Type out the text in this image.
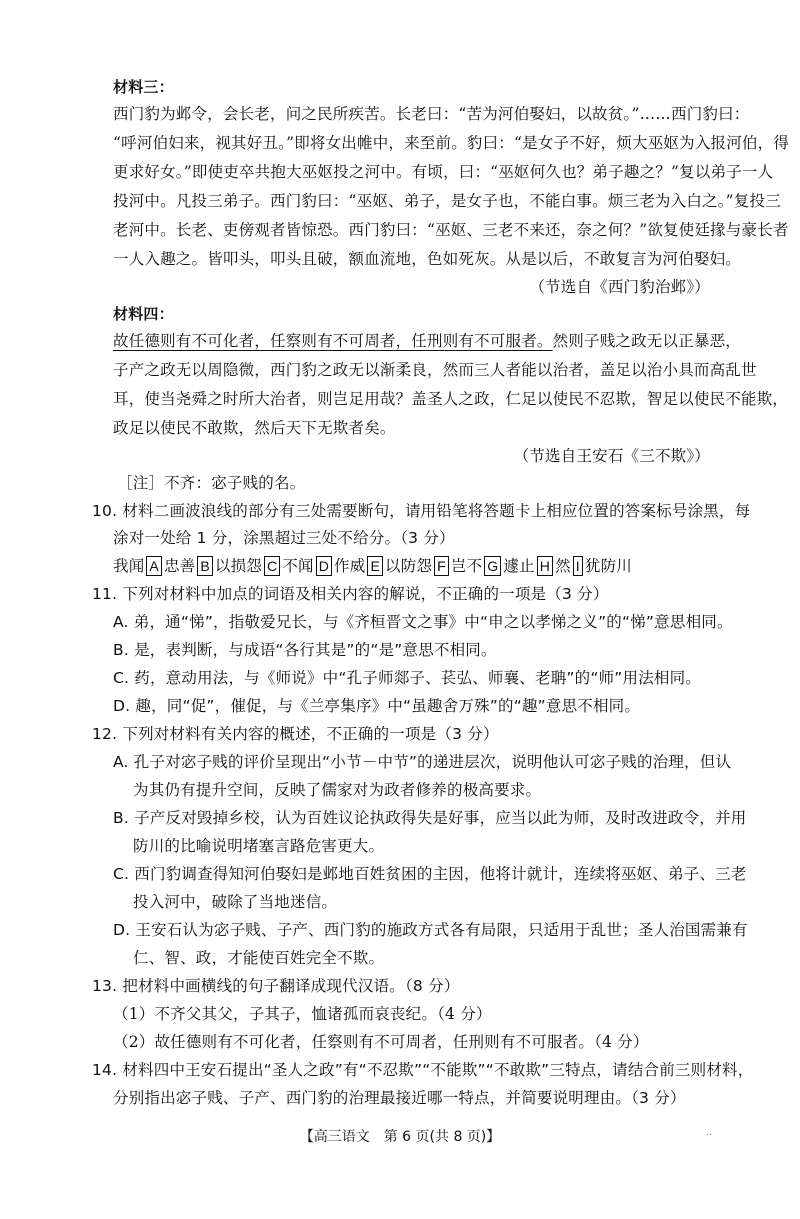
材料三：
西门豹为邺令，会长老，问之民所疾苦。长老曰：“苦为河伯娶妇，以故贫。”……西门豹曰：
“呼河伯妇来，视其好丑。”即将女出帷中，来至前。豹曰：“是女子不好，烦大巫妪为入报河伯，得
更求好女。”即使吏卒共抱大巫妪投之河中。有顷，曰：“巫妪何久也？弟子趣之？”复以弟子一人
投河中。凡投三弟子。西门豹曰：“巫妪、弟子，是女子也，不能白事。烦三老为入白之。”复投三
老河中。长老、吏傍观者皆惊恐。西门豹曰：“巫妪、三老不来还，奈之何？”欲复使廷掾与豪长者
一人入趣之。皆叩头，叩头且破，额血流地，色如死灰。从是以后，不敢复言为河伯娶妇。
（节选自《西门豹治邺》）
材料四：
故任德则有不可化者，任察则有不可周者，任刑则有不可服者。然则子贱之政无以正暴恶，
子产之政无以周隐微，西门豹之政无以渐柔良，然而三人者能以治者，盖足以治小具而高乱世
耳，使当尧舜之时所大治者，则岂足用哉？盖圣人之政，仁足以使民不忍欺，智足以使民不能欺，
政足以使民不敢欺，然后天下无欺者矣。
（节选自王安石《三不欺》）
［注］不齐：宓子贱的名。
10. 材料二画波浪线的部分有三处需要断句，请用铅笔将答题卡上相应位置的答案标号涂黑，每
涂对一处给 1 分，涂黑超过三处不给分。（3 分）
我闻 A 忠善 B 以损怨 C 不闻 D 作威 E 以防怨 F 岂不 G 遽止 H 然 I 犹防川
11. 下列对材料中加点的词语及相关内容的解说，不正确的一项是（3 分）
A. 弟，通“悌”，指敬爱兄长，与《齐桓晋文之事》中“申之以孝悌之义”的“悌”意思相同。
B. 是，表判断，与成语“各行其是”的“是”意思不相同。
C. 药，意动用法，与《师说》中“孔子师郯子、苌弘、师襄、老聃”的“师”用法相同。
D. 趣，同“促”，催促，与《兰亭集序》中“虽趣舍万殊”的“趣”意思不相同。
12. 下列对材料有关内容的概述，不正确的一项是（3 分）
A. 孔子对宓子贱的评价呈现出“小节－中节”的递进层次，说明他认可宓子贱的治理，但认
为其仍有提升空间，反映了儒家对为政者修养的极高要求。
B. 子产反对毁掉乡校，认为百姓议论执政得失是好事，应当以此为师，及时改进政令，并用
防川的比喻说明堵塞言路危害更大。
C. 西门豹调查得知河伯娶妇是邺地百姓贫困的主因，他将计就计，连续将巫妪、弟子、三老
投入河中，破除了当地迷信。
D. 王安石认为宓子贱、子产、西门豹的施政方式各有局限，只适用于乱世；圣人治国需兼有
仁、智、政，才能使百姓完全不欺。
13. 把材料中画横线的句子翻译成现代汉语。（8 分）
（1）不齐父其父，子其子，恤诸孤而哀丧纪。（4 分）
（2）故任德则有不可化者，任察则有不可周者，任刑则有不可服者。（4 分）
14. 材料四中王安石提出“圣人之政”有“不忍欺”“不能欺”“不敢欺”三特点，请结合前三则材料，
分别指出宓子贱、子产、西门豹的治理最接近哪一特点，并简要说明理由。（3 分）
【高三语文　第 6 页(共 8 页)】	··
